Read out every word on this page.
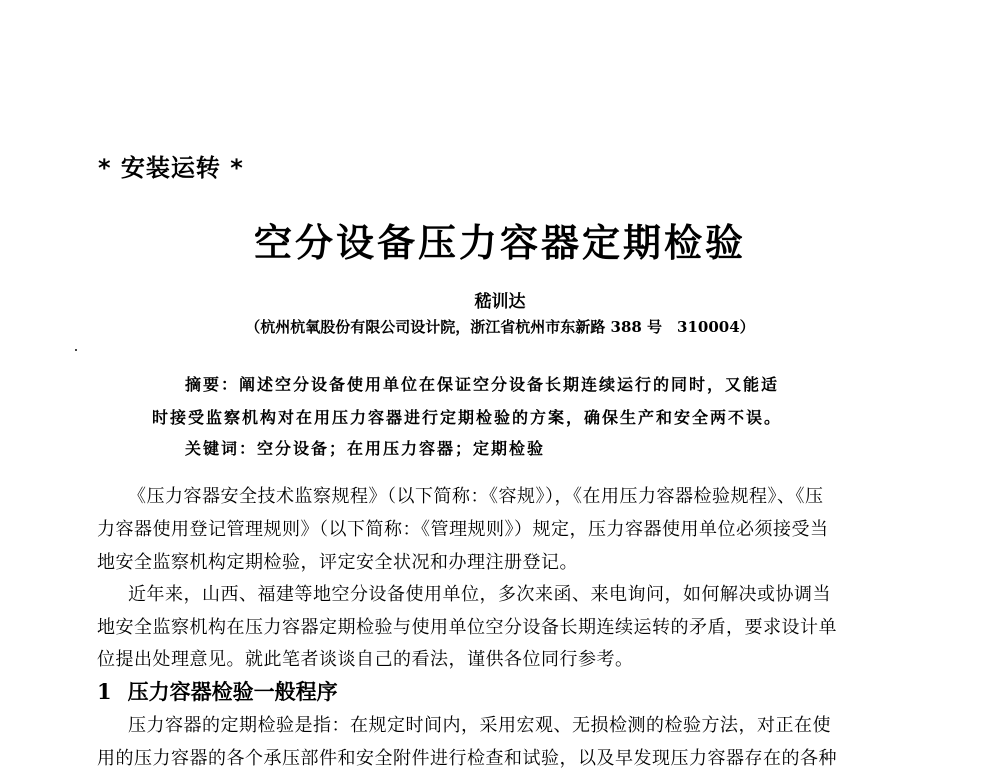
* 安装运转 *
空分设备压力容器定期检验
嵇训达
（杭州杭氧股份有限公司设计院，浙江省杭州市东新路 388 号　310004）
摘要：阐述空分设备使用单位在保证空分设备长期连续运行的同时，又能适
时接受监察机构对在用压力容器进行定期检验的方案，确保生产和安全两不误。
关键词：空分设备；在用压力容器；定期检验
《压力容器安全技术监察规程》（以下简称：《容规》），《在用压力容器检验规程》、《压
力容器使用登记管理规则》（以下简称：《管理规则》）规定，压力容器使用单位必须接受当
地安全监察机构定期检验，评定安全状况和办理注册登记。
近年来，山西、福建等地空分设备使用单位，多次来函、来电询问，如何解决或协调当
地安全监察机构在压力容器定期检验与使用单位空分设备长期连续运转的矛盾，要求设计单
位提出处理意见。就此笔者谈谈自己的看法，谨供各位同行参考。
1 压力容器检验一般程序
压力容器的定期检验是指：在规定时间内，采用宏观、无损检测的检验方法，对正在使
用的压力容器的各个承压部件和安全附件进行检查和试验，以及早发现压力容器存在的各种
